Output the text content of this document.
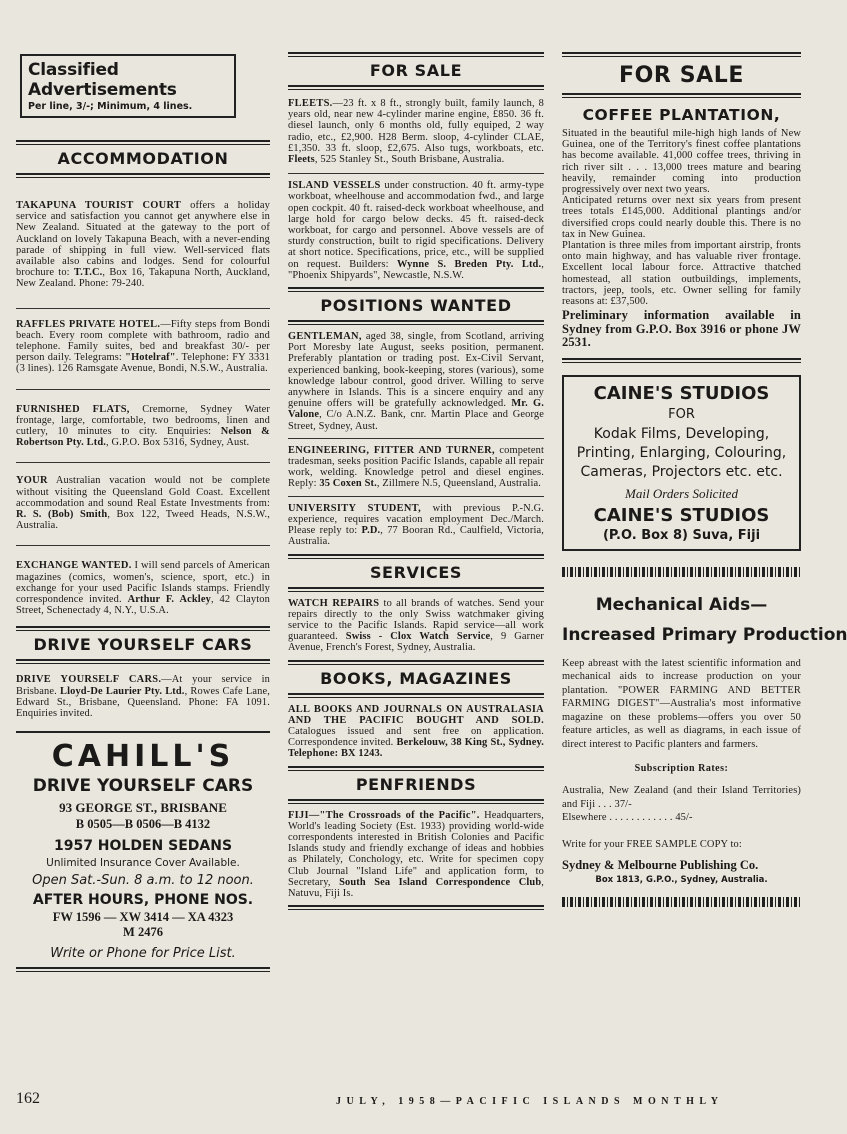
Classified Advertisements
Per line, 3/-; Minimum, 4 lines.
ACCOMMODATION

TAKAPUNA TOURIST COURT offers a holiday service and satisfaction you cannot get anywhere else in New Zealand. Situated at the gateway to the port of Auckland on lovely Takapuna Beach, with a never-ending parade of shipping in full view. Well-serviced flats available also cabins and lodges. Send for colourful brochure to: T.T.C., Box 16, Takapuna North, Auckland, New Zealand. Phone: 79-240.

RAFFLES PRIVATE HOTEL.—Fifty steps from Bondi beach. Every room complete with bathroom, radio and telephone. Family suites, bed and breakfast 30/- per person daily. Telegrams: "Hotelraf". Telephone: FY 3331 (3 lines). 126 Ramsgate Avenue, Bondi, N.S.W., Australia.

FURNISHED FLATS, Cremorne, Sydney Water frontage, large, comfortable, two bedrooms, linen and cutlery, 10 minutes to city. Enquiries: Nelson & Robertson Pty. Ltd., G.P.O. Box 5316, Sydney, Aust.

YOUR Australian vacation would not be complete without visiting the Queensland Gold Coast. Excellent accommodation and sound Real Estate Investments from: R. S. (Bob) Smith, Box 122, Tweed Heads, N.S.W., Australia.

EXCHANGE WANTED. I will send parcels of American magazines (comics, women's, science, sport, etc.) in exchange for your used Pacific Islands stamps. Friendly correspondence invited. Arthur F. Ackley, 42 Clayton Street, Schenectady 4, N.Y., U.S.A.

DRIVE YOURSELF CARS

DRIVE YOURSELF CARS.—At your service in Brisbane. Lloyd-De Laurier Pty. Ltd., Rowes Cafe Lane, Edward St., Brisbane, Queensland. Phone: FA 1091. Enquiries invited.

CAHILL'S
DRIVE YOURSELF CARS
93 GEORGE ST., BRISBANE
B 0505—B 0506—B 4132
1957 HOLDEN SEDANS
Unlimited Insurance Cover Available.
Open Sat.-Sun. 8 a.m. to 12 noon.
AFTER HOURS, PHONE NOS.
FW 1596 — XW 3414 — XA 4323
M 2476
Write or Phone for Price List.
FOR SALE

FLEETS.—23 ft. x 8 ft., strongly built, family launch, 8 years old, near new 4-cylinder marine engine, £850. 36 ft. diesel launch, only 6 months old, fully equiped, 2 way radio, etc., £2,900. H28 Berm. sloop, 4-cylinder CLAE, £1,350. 33 ft. sloop, £2,675. Also tugs, workboats, etc. Fleets, 525 Stanley St., South Brisbane, Australia.

ISLAND VESSELS under construction. 40 ft. army-type workboat, wheelhouse and accommodation fwd., and large open cockpit. 40 ft. raised-deck workboat wheelhouse, and large hold for cargo below decks. 45 ft. raised-deck workboat, for cargo and personnel. Above vessels are of sturdy construction, built to rigid specifications. Delivery at short notice. Specifications, price, etc., will be supplied on request. Builders: Wynne S. Breden Pty. Ltd., "Phoenix Shipyards", Newcastle, N.S.W.

POSITIONS WANTED

GENTLEMAN, aged 38, single, from Scotland, arriving Port Moresby late August, seeks position, permanent. Preferably plantation or trading post. Ex-Civil Servant, experienced banking, book-keeping, stores (various), some knowledge labour control, good driver. Willing to serve anywhere in Islands. This is a sincere enquiry and any genuine offers will be gratefully acknowledged. Mr. G. Valone, C/o A.N.Z. Bank, cnr. Martin Place and George Street, Sydney, Aust.

ENGINEERING, FITTER AND TURNER, competent tradesman, seeks position Pacific Islands, capable all repair work, welding. Knowledge petrol and diesel engines. Reply: 35 Coxen St., Zillmere N.5, Queensland, Australia.

UNIVERSITY STUDENT, with previous P.-N.G. experience, requires vacation employment Dec./March. Please reply to: P.D., 77 Booran Rd., Caulfield, Victoria, Australia.

SERVICES

WATCH REPAIRS to all brands of watches. Send your repairs directly to the only Swiss watchmaker giving service to the Pacific Islands. Rapid service—all work guaranteed. Swiss - Clox Watch Service, 9 Garner Avenue, French's Forest, Sydney, Australia.

BOOKS, MAGAZINES

ALL BOOKS AND JOURNALS ON AUSTRALASIA AND THE PACIFIC BOUGHT AND SOLD. Catalogues issued and sent free on application. Correspondence invited. Berkelouw, 38 King St., Sydney. Telephone: BX 1243.

PENFRIENDS

FIJI—"The Crossroads of the Pacific". Headquarters, World's leading Society (Est. 1933) providing world-wide correspondents interested in British Colonies and Pacific Islands study and friendly exchange of ideas and hobbies as Philately, Conchology, etc. Write for specimen copy Club Journal "Island Life" and application form, to Secretary, South Sea Island Correspondence Club, Natuvu, Fiji Is.

FOR SALE
COFFEE PLANTATION,

Situated in the beautiful mile-high high lands of New Guinea, one of the Territory's finest coffee plantations has become available. 41,000 coffee trees, thriving in rich river silt . . . 13,000 trees mature and bearing heavily, remainder coming into production progressively over next two years.

Anticipated returns over next six years from present trees totals £145,000. Additional plantings and/or diversified crops could nearly double this. There is no tax in New Guinea.

Plantation is three miles from important airstrip, fronts onto main highway, and has valuable river frontage. Excellent local labour force. Attractive thatched homestead, all station outbuildings, implements, tractors, jeep, tools, etc. Owner selling for family reasons at: £37,500.

Preliminary information available in Sydney from G.P.O. Box 3916 or phone JW 2531.

CAINE'S STUDIOS
FOR
Kodak Films, Developing, Printing, Enlarging, Colouring, Cameras, Projectors etc. etc.
Mail Orders Solicited
CAINE'S STUDIOS
(P.O. Box 8) Suva, Fiji
Mechanical Aids—
Increased Primary Production

Keep abreast with the latest scientific information and mechanical aids to increase production on your plantation. "POWER FARMING AND BETTER FARMING DIGEST"—Australia's most informative magazine on these problems—offers you over 50 feature articles, as well as diagrams, in each issue of direct interest to Pacific planters and farmers.

Subscription Rates:

Australia, New Zealand (and their Island Territories) and Fiji . . . 37/-

Elsewhere . . . . . . . . . . . . 45/-

Write for your FREE SAMPLE COPY to:

Sydney & Melbourne Publishing Co.
Box 1813, G.P.O., Sydney, Australia.
162	JULY, 1958—PACIFIC ISLANDS MONTHLY
